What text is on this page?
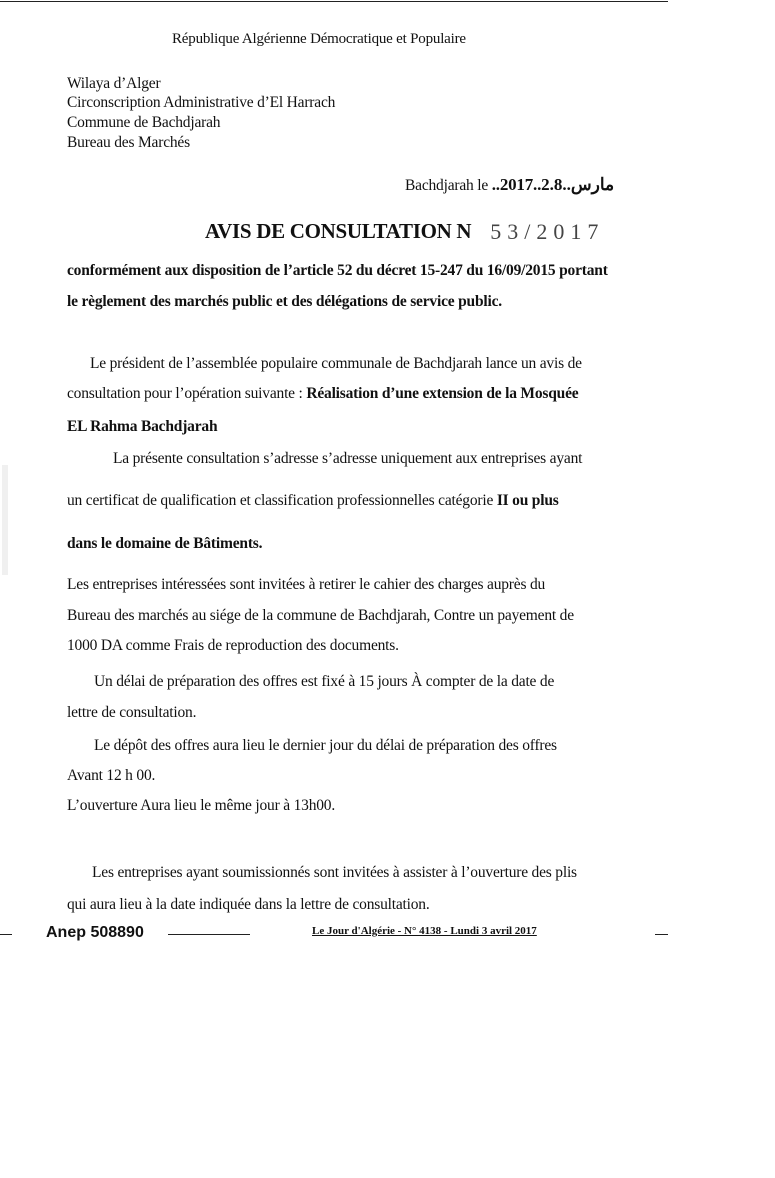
République Algérienne Démocratique et Populaire
Wilaya d’Alger
Circonscription Administrative d’El Harrach
Commune de Bachdjarah
Bureau des Marchés
Bachdjarah le ..2017..مارس..2.8
AVIS DE CONSULTATION N 53/2017
conformément aux disposition de l’article 52 du décret 15-247 du 16/09/2015 portant
le règlement des marchés public et des délégations de service public.
Le président de l’assemblée populaire communale de Bachdjarah lance un avis de
consultation pour l’opération suivante : Réalisation d’une extension de la Mosquée
EL Rahma Bachdjarah
La présente consultation s’adresse s’adresse uniquement aux entreprises ayant
un certificat de qualification et classification professionnelles catégorie II ou plus
dans le domaine de Bâtiments.
Les entreprises intéressées sont invitées à retirer le cahier des charges auprès du
Bureau des marchés au siége de la commune de Bachdjarah, Contre un payement de
1000 DA comme Frais de reproduction des documents.
Un délai de préparation des offres est fixé à 15 jours À compter de la date de
lettre de consultation.
Le dépôt des offres aura lieu le dernier jour du délai de préparation des offres
Avant 12 h 00.
L’ouverture Aura lieu le même jour à 13h00.
Les entreprises ayant soumissionnés sont invitées à assister à l’ouverture des plis
qui aura lieu à la date indiquée dans la lettre de consultation.
Anep 508890	Le Jour d'Algérie - N° 4138 - Lundi 3 avril 2017
